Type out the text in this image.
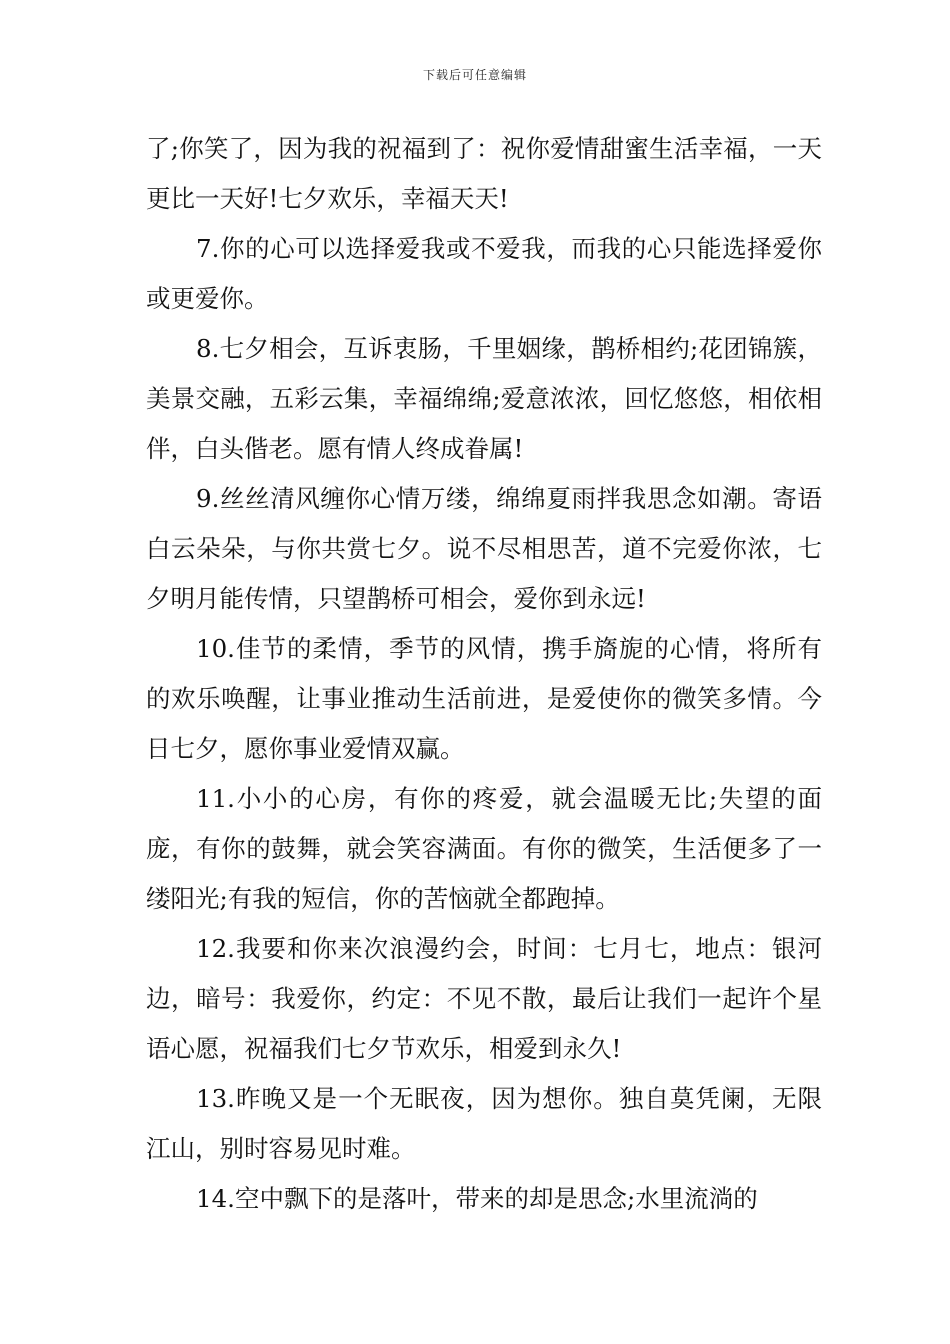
下载后可任意编辑

了;你笑了，因为我的祝福到了：祝你爱情甜蜜生活幸福，一天更比一天好!七夕欢乐，幸福天天!

7.你的心可以选择爱我或不爱我，而我的心只能选择爱你或更爱你。

8.七夕相会，互诉衷肠，千里姻缘，鹊桥相约;花团锦簇，美景交融，五彩云集，幸福绵绵;爱意浓浓，回忆悠悠，相依相伴，白头偕老。愿有情人终成眷属!

9.丝丝清风缠你心情万缕，绵绵夏雨拌我思念如潮。寄语白云朵朵，与你共赏七夕。说不尽相思苦，道不完爱你浓，七夕明月能传情，只望鹊桥可相会，爱你到永远!

10.佳节的柔情，季节的风情，携手旖旎的心情，将所有的欢乐唤醒，让事业推动生活前进，是爱使你的微笑多情。今日七夕，愿你事业爱情双赢。

11.小小的心房，有你的疼爱，就会温暖无比;失望的面庞，有你的鼓舞，就会笑容满面。有你的微笑，生活便多了一缕阳光;有我的短信，你的苦恼就全都跑掉。

12.我要和你来次浪漫约会，时间：七月七，地点：银河边，暗号：我爱你，约定：不见不散，最后让我们一起许个星语心愿，祝福我们七夕节欢乐，相爱到永久!

13.昨晚又是一个无眠夜，因为想你。独自莫凭阑，无限江山，别时容易见时难。

14.空中飘下的是落叶，带来的却是思念;水里流淌的
